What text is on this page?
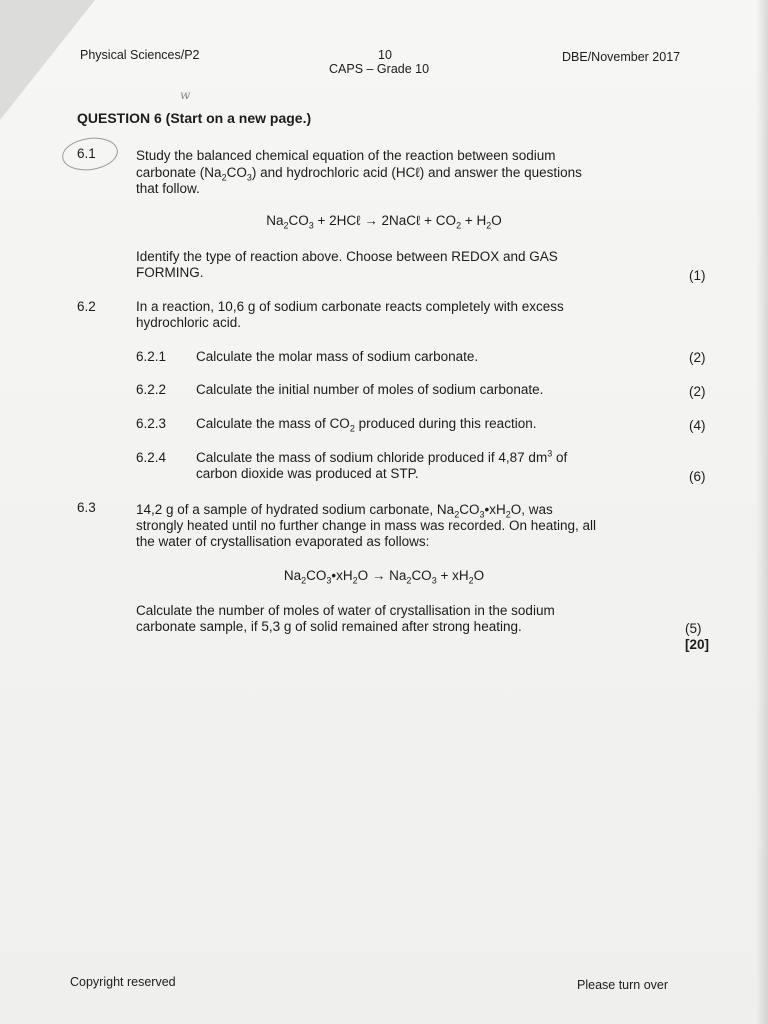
Physical Sciences/P2	10
CAPS – Grade 10
DBE/November 2017
w
QUESTION 6 (Start on a new page.)
6.1	Study the balanced chemical equation of the reaction between sodium
carbonate $(Na_2CO_3)$ and hydrochloric acid (HCℓ) and answer the questions
that follow.
$Na_2CO_3$ + 2HCℓ → 2NaCℓ + $CO_2 + H_2O$
Identify the type of reaction above. Choose between REDOX and GAS
FORMING.	(1)
6.2	In a reaction, 10,6 g of sodium carbonate reacts completely with excess
hydrochloric acid.
6.2.1 Calculate the molar mass of sodium carbonate.	(2)
6.2.2 Calculate the initial number of moles of sodium carbonate.	(2)
6.2.3 Calculate the mass of $CO_2$ produced during this reaction.	(4)
6.2.4 Calculate the mass of sodium chloride produced if 4,87 $dm^3$ of
carbon dioxide was produced at STP.	(6)
6.3	14,2 g of a sample of hydrated sodium carbonate, $Na_2CO_3•xH_2O$, was
strongly heated until no further change in mass was recorded. On heating, all
the water of crystallisation evaporated as follows:
$Na_2CO_3•xH_2O \to Na_2CO_3 + xH_2O$
Calculate the number of moles of water of crystallisation in the sodium
carbonate sample, if 5,3 g of solid remained after strong heating.	(5)
[20]
Copyright reserved	Please turn over
